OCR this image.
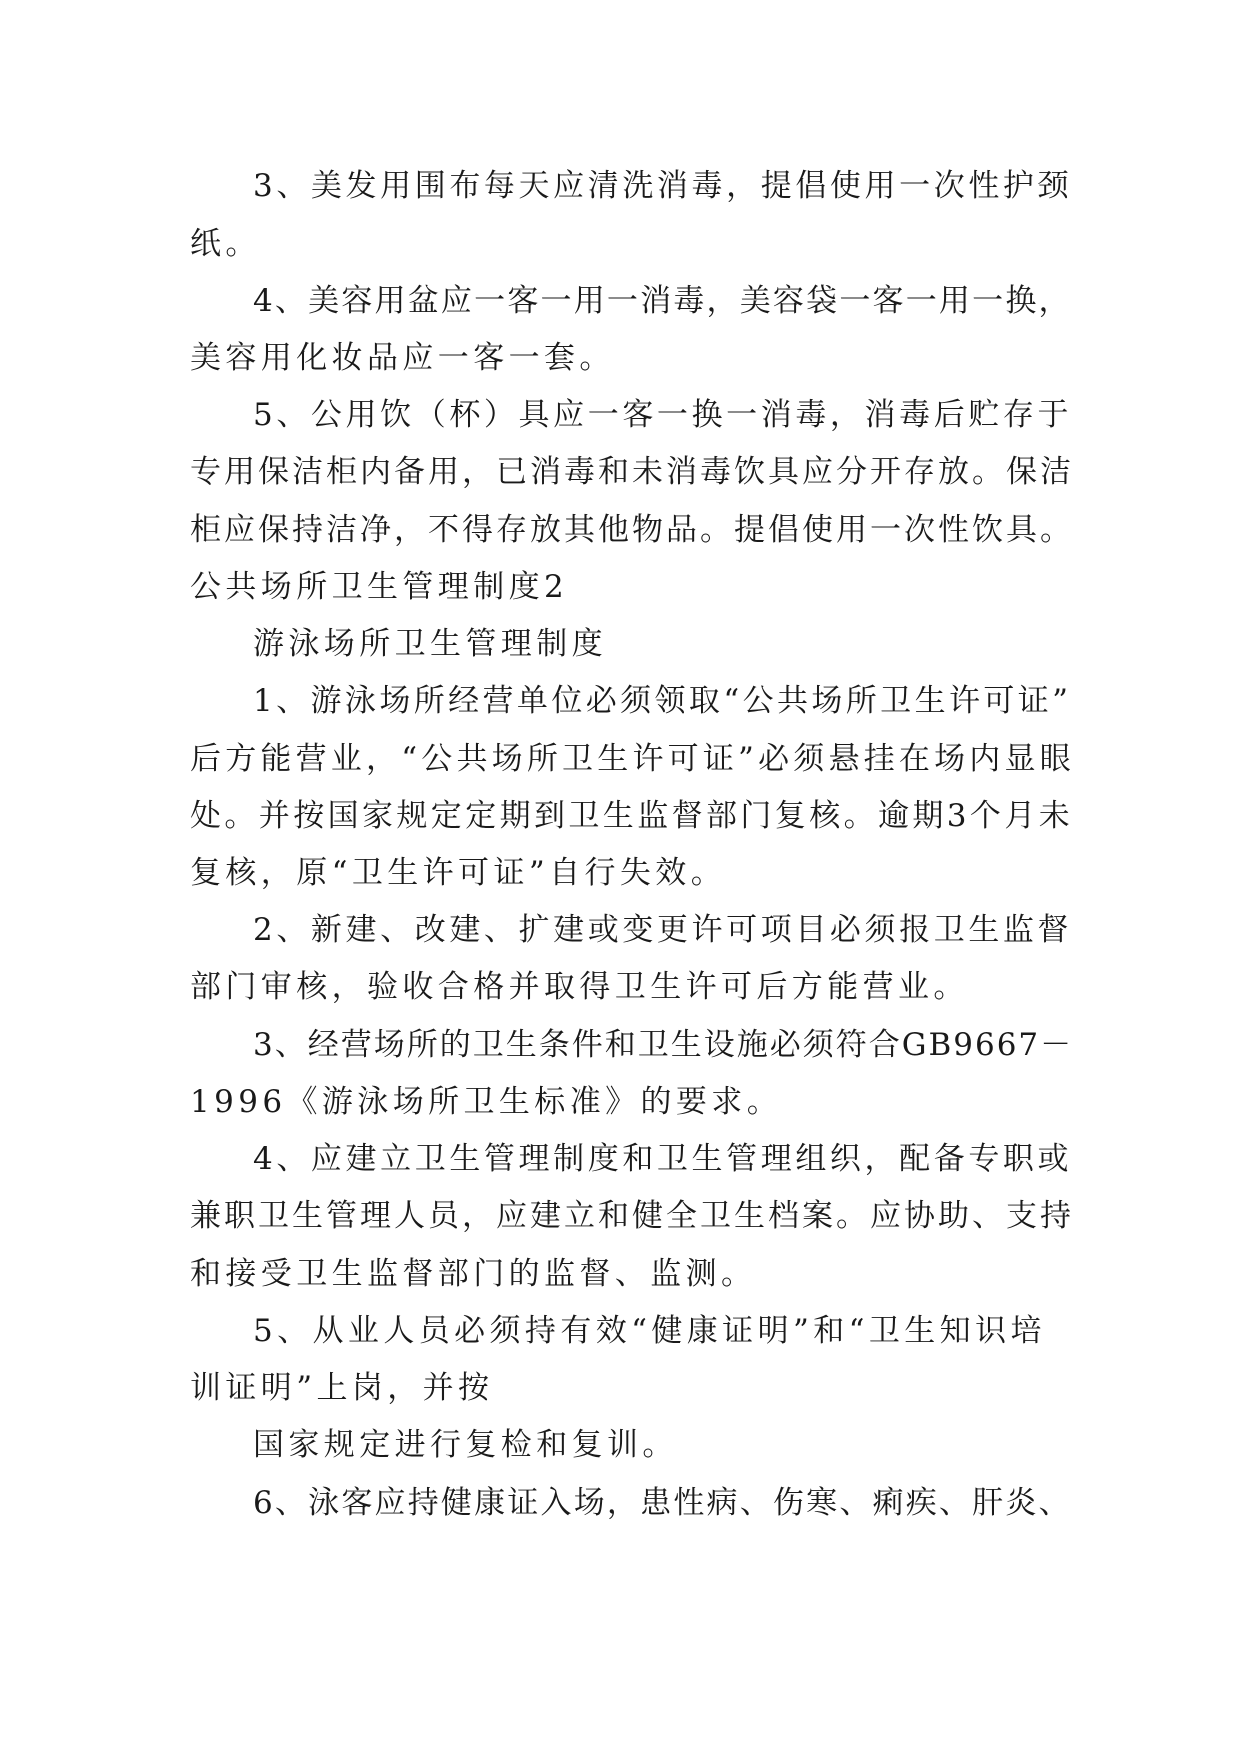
3、美发用围布每天应清洗消毒，提倡使用一次性护颈
纸。
4、美容用盆应一客一用一消毒，美容袋一客一用一换，
美容用化妆品应一客一套。
5、公用饮（杯）具应一客一换一消毒，消毒后贮存于
专用保洁柜内备用，已消毒和未消毒饮具应分开存放。保洁
柜应保持洁净，不得存放其他物品。提倡使用一次性饮具。
公共场所卫生管理制度2
游泳场所卫生管理制度
1、游泳场所经营单位必须领取“公共场所卫生许可证”
后方能营业，“公共场所卫生许可证”必须悬挂在场内显眼
处。并按国家规定定期到卫生监督部门复核。逾期3个月未
复核，原“卫生许可证”自行失效。
2、新建、改建、扩建或变更许可项目必须报卫生监督
部门审核，验收合格并取得卫生许可后方能营业。
3、经营场所的卫生条件和卫生设施必须符合GB9667－
1996《游泳场所卫生标准》的要求。
4、应建立卫生管理制度和卫生管理组织，配备专职或
兼职卫生管理人员，应建立和健全卫生档案。应协助、支持
和接受卫生监督部门的监督、监测。
5、从业人员必须持有效“健康证明”和“卫生知识培
训证明”上岗，并按
国家规定进行复检和复训。
6、泳客应持健康证入场，患性病、伤寒、痢疾、肝炎、
